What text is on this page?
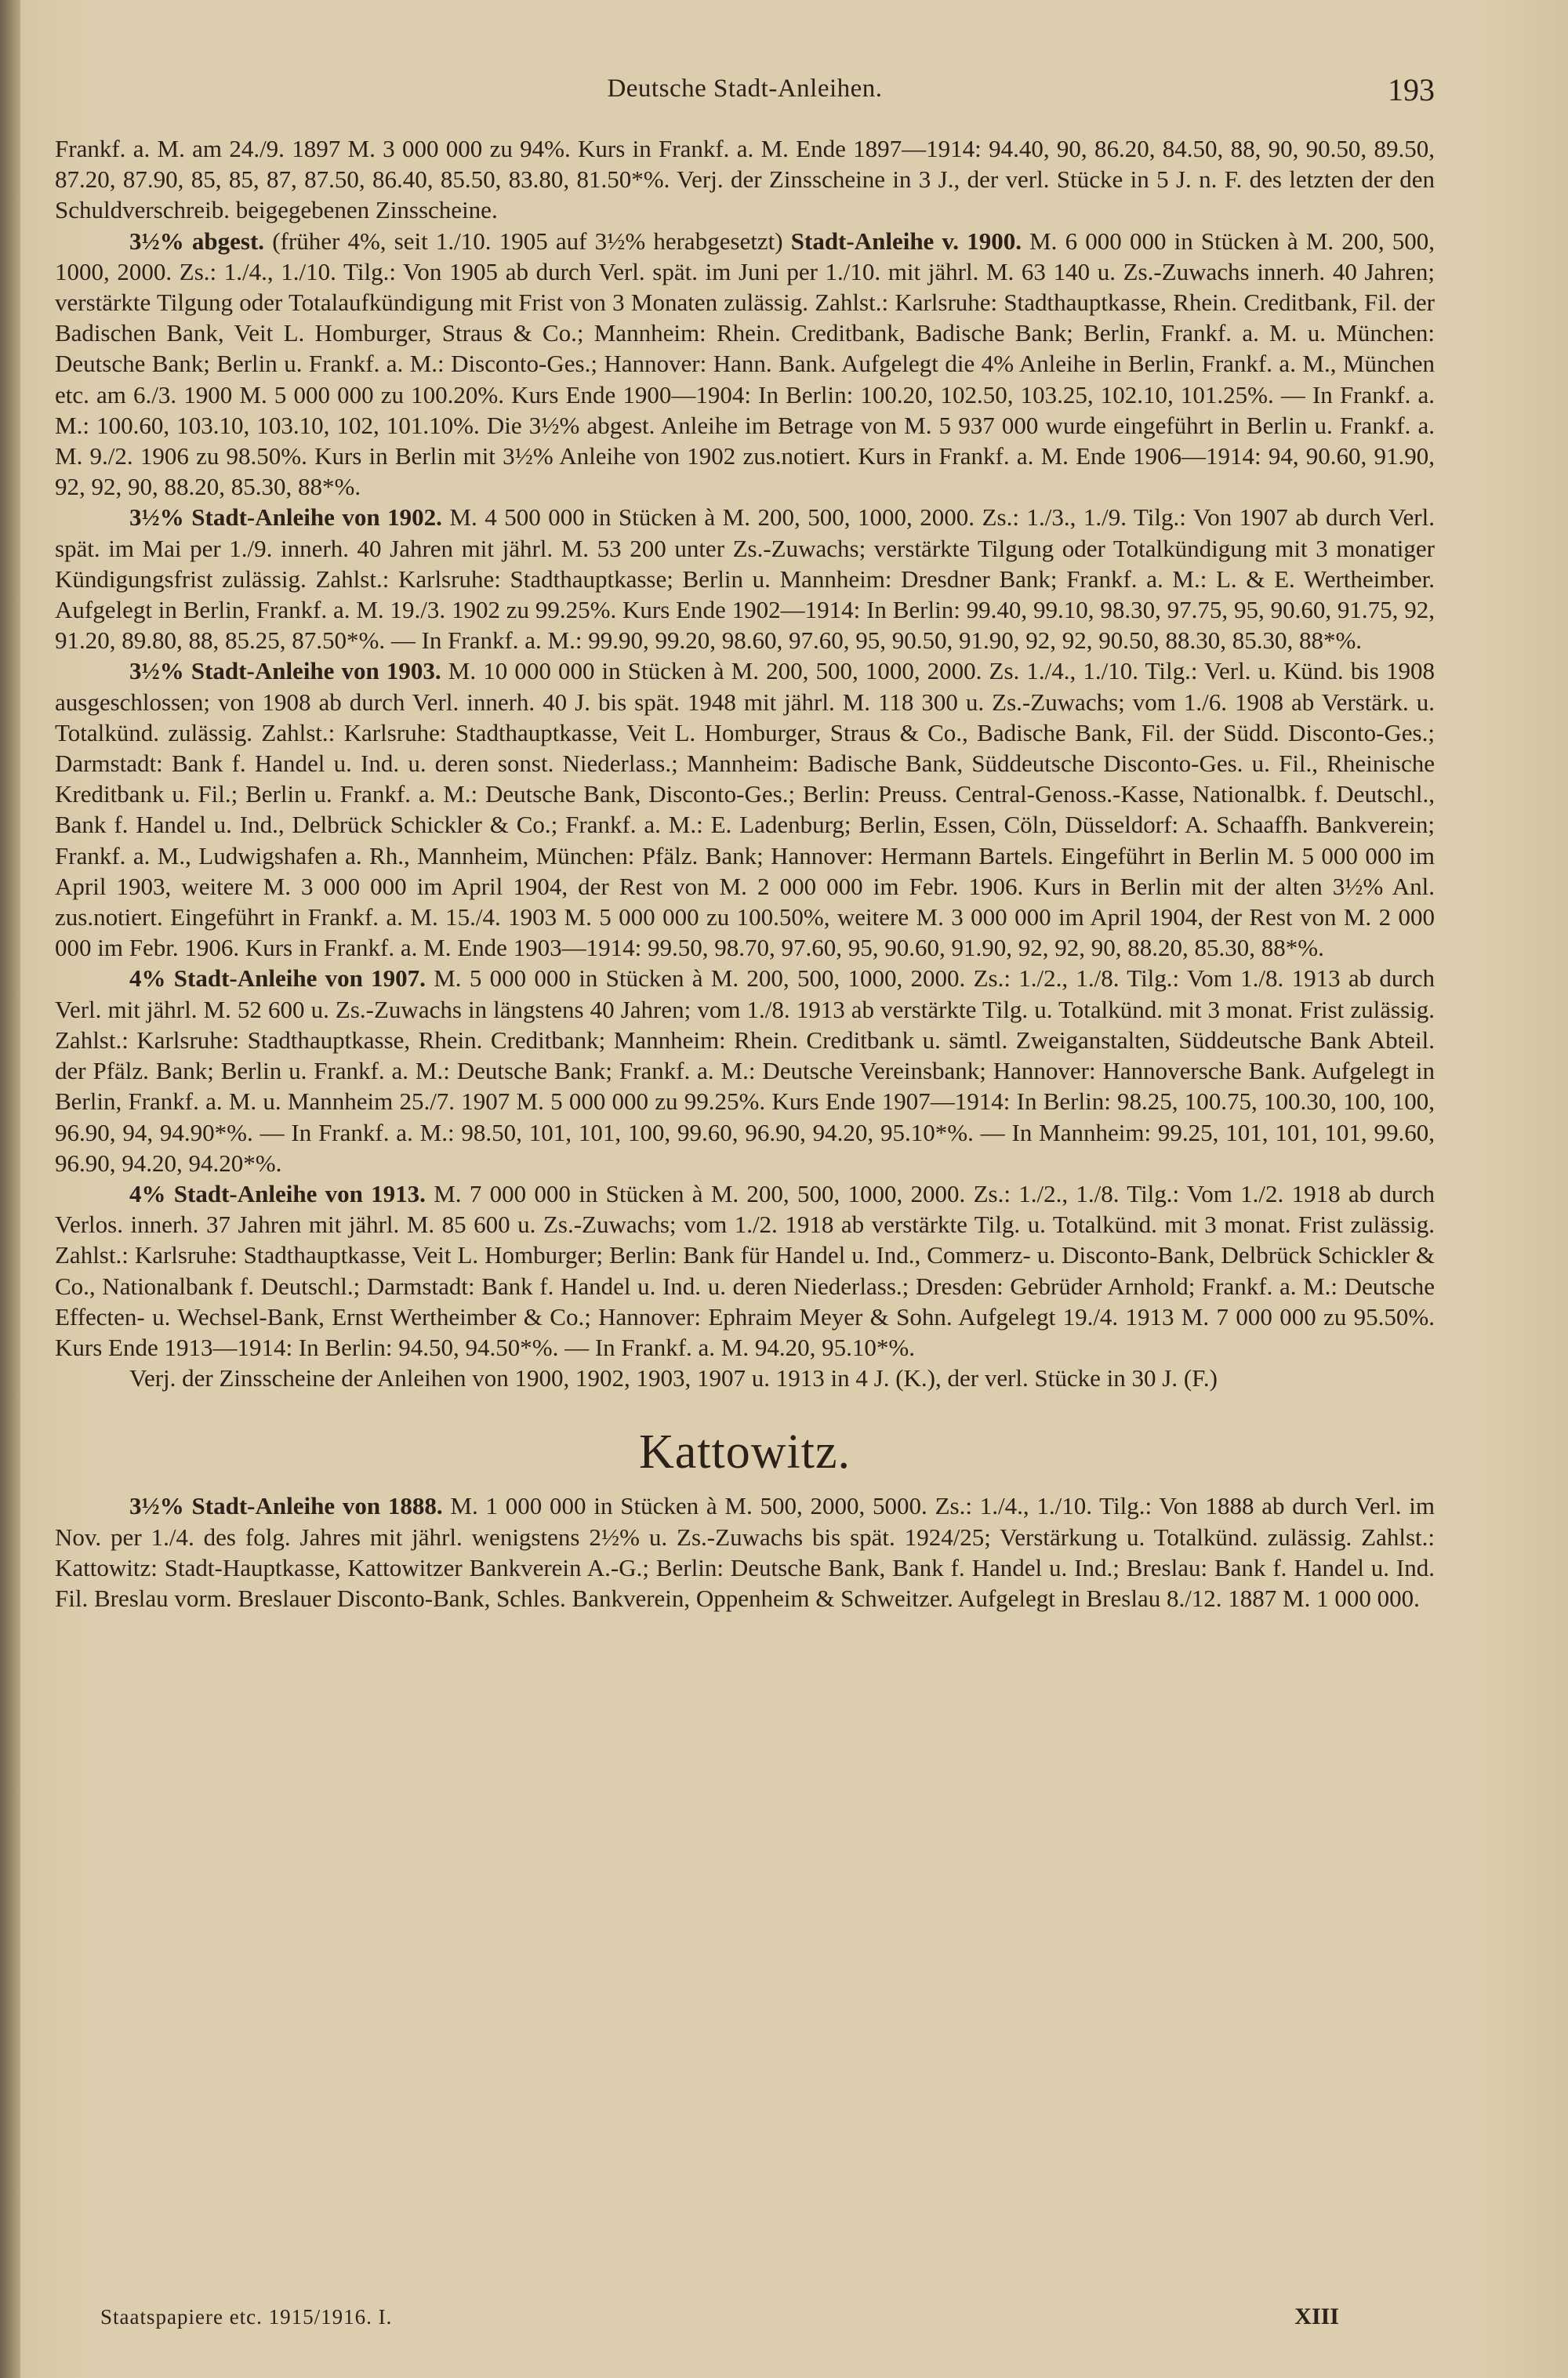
Deutsche Stadt-Anleihen.	193

Frankf. a. M. am 24./9. 1897 M. 3 000 000 zu 94%. Kurs in Frankf. a. M. Ende 1897—1914: 94.40, 90, 86.20, 84.50, 88, 90, 90.50, 89.50, 87.20, 87.90, 85, 85, 87, 87.50, 86.40, 85.50, 83.80, 81.50*%. Verj. der Zinsscheine in 3 J., der verl. Stücke in 5 J. n. F. des letzten der den Schuldverschreib. beigegebenen Zinsscheine.

3½% abgest. (früher 4%, seit 1./10. 1905 auf 3½% herabgesetzt) Stadt-Anleihe v. 1900. M. 6 000 000 in Stücken à M. 200, 500, 1000, 2000. Zs.: 1./4., 1./10. Tilg.: Von 1905 ab durch Verl. spät. im Juni per 1./10. mit jährl. M. 63 140 u. Zs.-Zuwachs innerh. 40 Jahren; verstärkte Tilgung oder Totalaufkündigung mit Frist von 3 Monaten zulässig. Zahlst.: Karlsruhe: Stadthauptkasse, Rhein. Creditbank, Fil. der Badischen Bank, Veit L. Homburger, Straus & Co.; Mannheim: Rhein. Creditbank, Badische Bank; Berlin, Frankf. a. M. u. München: Deutsche Bank; Berlin u. Frankf. a. M.: Disconto-Ges.; Hannover: Hann. Bank. Aufgelegt die 4% Anleihe in Berlin, Frankf. a. M., München etc. am 6./3. 1900 M. 5 000 000 zu 100.20%. Kurs Ende 1900—1904: In Berlin: 100.20, 102.50, 103.25, 102.10, 101.25%. — In Frankf. a. M.: 100.60, 103.10, 103.10, 102, 101.10%. Die 3½% abgest. Anleihe im Betrage von M. 5 937 000 wurde eingeführt in Berlin u. Frankf. a. M. 9./2. 1906 zu 98.50%. Kurs in Berlin mit 3½% Anleihe von 1902 zus.notiert. Kurs in Frankf. a. M. Ende 1906—1914: 94, 90.60, 91.90, 92, 92, 90, 88.20, 85.30, 88*%.

3½% Stadt-Anleihe von 1902. M. 4 500 000 in Stücken à M. 200, 500, 1000, 2000. Zs.: 1./3., 1./9. Tilg.: Von 1907 ab durch Verl. spät. im Mai per 1./9. innerh. 40 Jahren mit jährl. M. 53 200 unter Zs.-Zuwachs; verstärkte Tilgung oder Totalkündigung mit 3 monatiger Kündigungsfrist zulässig. Zahlst.: Karlsruhe: Stadthauptkasse; Berlin u. Mannheim: Dresdner Bank; Frankf. a. M.: L. & E. Wertheimber. Aufgelegt in Berlin, Frankf. a. M. 19./3. 1902 zu 99.25%. Kurs Ende 1902—1914: In Berlin: 99.40, 99.10, 98.30, 97.75, 95, 90.60, 91.75, 92, 91.20, 89.80, 88, 85.25, 87.50*%. — In Frankf. a. M.: 99.90, 99.20, 98.60, 97.60, 95, 90.50, 91.90, 92, 92, 90.50, 88.30, 85.30, 88*%.

3½% Stadt-Anleihe von 1903. M. 10 000 000 in Stücken à M. 200, 500, 1000, 2000. Zs. 1./4., 1./10. Tilg.: Verl. u. Künd. bis 1908 ausgeschlossen; von 1908 ab durch Verl. innerh. 40 J. bis spät. 1948 mit jährl. M. 118 300 u. Zs.-Zuwachs; vom 1./6. 1908 ab Verstärk. u. Totalkünd. zulässig. Zahlst.: Karlsruhe: Stadthauptkasse, Veit L. Homburger, Straus & Co., Badische Bank, Fil. der Südd. Disconto-Ges.; Darmstadt: Bank f. Handel u. Ind. u. deren sonst. Niederlass.; Mannheim: Badische Bank, Süddeutsche Disconto-Ges. u. Fil., Rheinische Kreditbank u. Fil.; Berlin u. Frankf. a. M.: Deutsche Bank, Disconto-Ges.; Berlin: Preuss. Central-Genoss.-Kasse, Nationalbk. f. Deutschl., Bank f. Handel u. Ind., Delbrück Schickler & Co.; Frankf. a. M.: E. Ladenburg; Berlin, Essen, Cöln, Düsseldorf: A. Schaaffh. Bankverein; Frankf. a. M., Ludwigshafen a. Rh., Mannheim, München: Pfälz. Bank; Hannover: Hermann Bartels. Eingeführt in Berlin M. 5 000 000 im April 1903, weitere M. 3 000 000 im April 1904, der Rest von M. 2 000 000 im Febr. 1906. Kurs in Berlin mit der alten 3½% Anl. zus.notiert. Eingeführt in Frankf. a. M. 15./4. 1903 M. 5 000 000 zu 100.50%, weitere M. 3 000 000 im April 1904, der Rest von M. 2 000 000 im Febr. 1906. Kurs in Frankf. a. M. Ende 1903—1914: 99.50, 98.70, 97.60, 95, 90.60, 91.90, 92, 92, 90, 88.20, 85.30, 88*%.

4% Stadt-Anleihe von 1907. M. 5 000 000 in Stücken à M. 200, 500, 1000, 2000. Zs.: 1./2., 1./8. Tilg.: Vom 1./8. 1913 ab durch Verl. mit jährl. M. 52 600 u. Zs.-Zuwachs in längstens 40 Jahren; vom 1./8. 1913 ab verstärkte Tilg. u. Totalkünd. mit 3 monat. Frist zulässig. Zahlst.: Karlsruhe: Stadthauptkasse, Rhein. Creditbank; Mannheim: Rhein. Creditbank u. sämtl. Zweiganstalten, Süddeutsche Bank Abteil. der Pfälz. Bank; Berlin u. Frankf. a. M.: Deutsche Bank; Frankf. a. M.: Deutsche Vereinsbank; Hannover: Hannoversche Bank. Aufgelegt in Berlin, Frankf. a. M. u. Mannheim 25./7. 1907 M. 5 000 000 zu 99.25%. Kurs Ende 1907—1914: In Berlin: 98.25, 100.75, 100.30, 100, 100, 96.90, 94, 94.90*%. — In Frankf. a. M.: 98.50, 101, 101, 100, 99.60, 96.90, 94.20, 95.10*%. — In Mannheim: 99.25, 101, 101, 101, 99.60, 96.90, 94.20, 94.20*%.

4% Stadt-Anleihe von 1913. M. 7 000 000 in Stücken à M. 200, 500, 1000, 2000. Zs.: 1./2., 1./8. Tilg.: Vom 1./2. 1918 ab durch Verlos. innerh. 37 Jahren mit jährl. M. 85 600 u. Zs.-Zuwachs; vom 1./2. 1918 ab verstärkte Tilg. u. Totalkünd. mit 3 monat. Frist zulässig. Zahlst.: Karlsruhe: Stadthauptkasse, Veit L. Homburger; Berlin: Bank für Handel u. Ind., Commerz- u. Disconto-Bank, Delbrück Schickler & Co., Nationalbank f. Deutschl.; Darmstadt: Bank f. Handel u. Ind. u. deren Niederlass.; Dresden: Gebrüder Arnhold; Frankf. a. M.: Deutsche Effecten- u. Wechsel-Bank, Ernst Wertheimber & Co.; Hannover: Ephraim Meyer & Sohn. Aufgelegt 19./4. 1913 M. 7 000 000 zu 95.50%. Kurs Ende 1913—1914: In Berlin: 94.50, 94.50*%. — In Frankf. a. M. 94.20, 95.10*%.

Verj. der Zinsscheine der Anleihen von 1900, 1902, 1903, 1907 u. 1913 in 4 J. (K.), der verl. Stücke in 30 J. (F.)

Kattowitz.

3½% Stadt-Anleihe von 1888. M. 1 000 000 in Stücken à M. 500, 2000, 5000. Zs.: 1./4., 1./10. Tilg.: Von 1888 ab durch Verl. im Nov. per 1./4. des folg. Jahres mit jährl. wenigstens 2½% u. Zs.-Zuwachs bis spät. 1924/25; Verstärkung u. Totalkünd. zulässig. Zahlst.: Kattowitz: Stadt-Hauptkasse, Kattowitzer Bankverein A.-G.; Berlin: Deutsche Bank, Bank f. Handel u. Ind.; Breslau: Bank f. Handel u. Ind. Fil. Breslau vorm. Breslauer Disconto-Bank, Schles. Bankverein, Oppenheim & Schweitzer. Aufgelegt in Breslau 8./12. 1887 M. 1 000 000.

Staatspapiere etc. 1915/1916. I.	XIII
